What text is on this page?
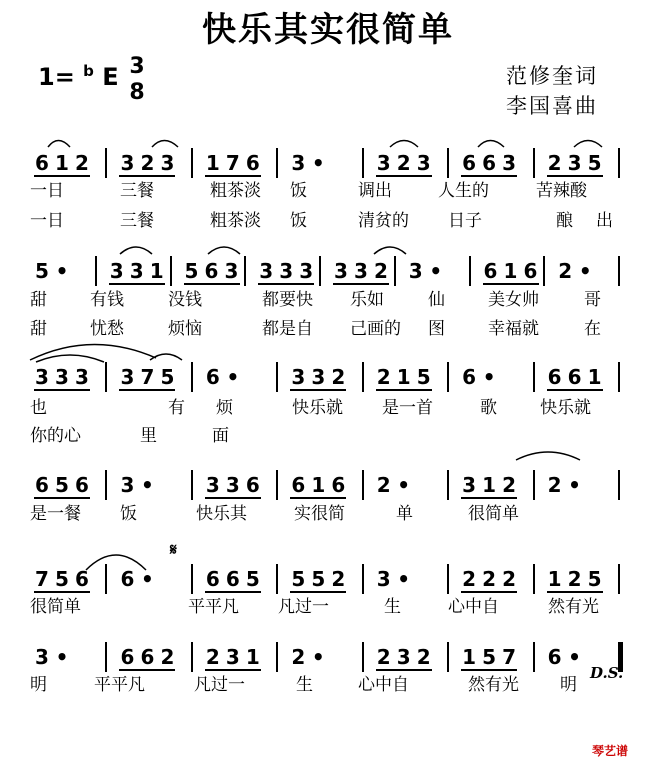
快乐其实很简单
1= $^b$ E 3
8
范修奎词
李国喜曲
6 1 2 3 2 3 1 7 6 3 •	3 2 3 6 6 3 2 3 5
5 • 3 3 1 5 6 3 3 3 3 3 3 2 3 • 6 1 6 2 •
3 3 3 3 7 5 6 •	3 3 2 2 1 5 6 •	6 6 1
6 5 6 3 •	3 3 6 6 1 6 2 •	3 1 2 2 •
7 5 6 6 •	6 6 5 5 5 2 3 •	2 2 2 1 2 5
3 •	6 6 2 2 3 1 2 •	2 3 2 1 5 7 6 •
一日	三餐	粗茶淡 饭	调出	人生的	苦辣酸
一日	三餐	粗茶淡 饭	清贫的 日子	酿 出
甜	有钱	没钱	都要快 乐如	仙	美女帅	哥
甜	忧愁	烦恼	都是自 己画的 图	幸福就	在
也	有 烦	快乐就 是一首	歌	快乐就
你的心	里	面
是一餐 饭	快乐其	实很简	单	很简单
很简单	平平凡 凡过一	生	心中自	然有光
明	平平凡	凡过一	生	心中自	然有光 明
𝄋
D.S.
琴艺谱
